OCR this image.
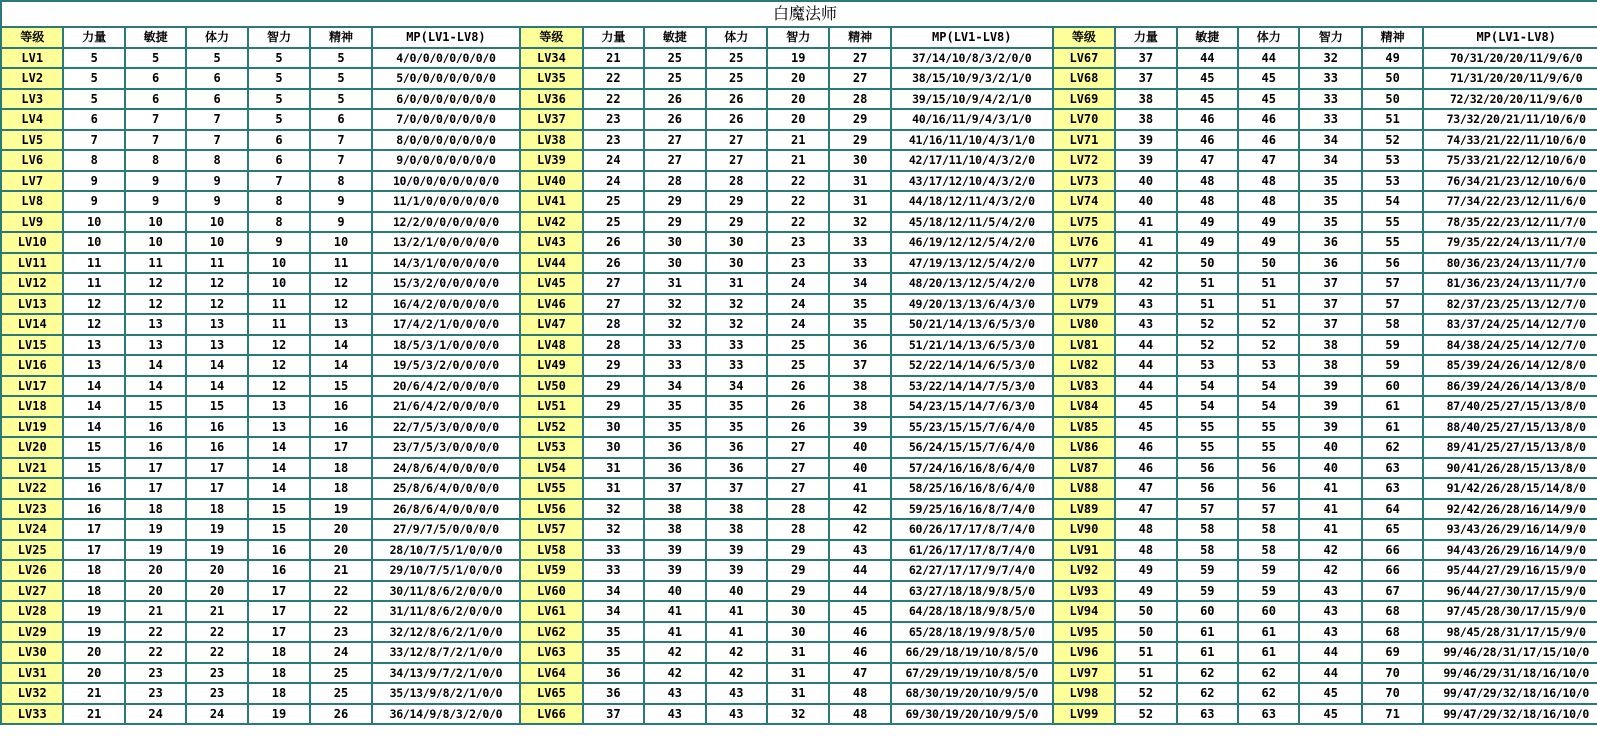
白魔法师																				
等级	力量	敏捷	体力	智力	精神	MP(LV1-LV8)	等级	力量	敏捷	体力	智力	精神	MP(LV1-LV8)	等级	力量	敏捷	体力	智力	精神	MP(LV1-LV8)
LV1	5	5	5	5	5	4/0/0/0/0/0/0/0	LV34	21	25	25	19	27	37/14/10/8/3/2/0/0	LV67	37	44	44	32	49	70/31/20/20/11/9/6/0
LV2	5	6	6	5	5	5/0/0/0/0/0/0/0	LV35	22	25	25	20	27	38/15/10/9/3/2/1/0	LV68	37	45	45	33	50	71/31/20/20/11/9/6/0
LV3	5	6	6	5	5	6/0/0/0/0/0/0/0	LV36	22	26	26	20	28	39/15/10/9/4/2/1/0	LV69	38	45	45	33	50	72/32/20/20/11/9/6/0
LV4	6	7	7	5	6	7/0/0/0/0/0/0/0	LV37	23	26	26	20	29	40/16/11/9/4/3/1/0	LV70	38	46	46	33	51	73/32/20/21/11/10/6/0
LV5	7	7	7	6	7	8/0/0/0/0/0/0/0	LV38	23	27	27	21	29	41/16/11/10/4/3/1/0	LV71	39	46	46	34	52	74/33/21/22/11/10/6/0
LV6	8	8	8	6	7	9/0/0/0/0/0/0/0	LV39	24	27	27	21	30	42/17/11/10/4/3/2/0	LV72	39	47	47	34	53	75/33/21/22/12/10/6/0
LV7	9	9	9	7	8	10/0/0/0/0/0/0/0	LV40	24	28	28	22	31	43/17/12/10/4/3/2/0	LV73	40	48	48	35	53	76/34/21/23/12/10/6/0
LV8	9	9	9	8	9	11/1/0/0/0/0/0/0	LV41	25	29	29	22	31	44/18/12/11/4/3/2/0	LV74	40	48	48	35	54	77/34/22/23/12/11/6/0
LV9	10	10	10	8	9	12/2/0/0/0/0/0/0	LV42	25	29	29	22	32	45/18/12/11/5/4/2/0	LV75	41	49	49	35	55	78/35/22/23/12/11/7/0
LV10	10	10	10	9	10	13/2/1/0/0/0/0/0	LV43	26	30	30	23	33	46/19/12/12/5/4/2/0	LV76	41	49	49	36	55	79/35/22/24/13/11/7/0
LV11	11	11	11	10	11	14/3/1/0/0/0/0/0	LV44	26	30	30	23	33	47/19/13/12/5/4/2/0	LV77	42	50	50	36	56	80/36/23/24/13/11/7/0
LV12	11	12	12	10	12	15/3/2/0/0/0/0/0	LV45	27	31	31	24	34	48/20/13/12/5/4/2/0	LV78	42	51	51	37	57	81/36/23/24/13/11/7/0
LV13	12	12	12	11	12	16/4/2/0/0/0/0/0	LV46	27	32	32	24	35	49/20/13/13/6/4/3/0	LV79	43	51	51	37	57	82/37/23/25/13/12/7/0
LV14	12	13	13	11	13	17/4/2/1/0/0/0/0	LV47	28	32	32	24	35	50/21/14/13/6/5/3/0	LV80	43	52	52	37	58	83/37/24/25/14/12/7/0
LV15	13	13	13	12	14	18/5/3/1/0/0/0/0	LV48	28	33	33	25	36	51/21/14/13/6/5/3/0	LV81	44	52	52	38	59	84/38/24/25/14/12/7/0
LV16	13	14	14	12	14	19/5/3/2/0/0/0/0	LV49	29	33	33	25	37	52/22/14/14/6/5/3/0	LV82	44	53	53	38	59	85/39/24/26/14/12/8/0
LV17	14	14	14	12	15	20/6/4/2/0/0/0/0	LV50	29	34	34	26	38	53/22/14/14/7/5/3/0	LV83	44	54	54	39	60	86/39/24/26/14/13/8/0
LV18	14	15	15	13	16	21/6/4/2/0/0/0/0	LV51	29	35	35	26	38	54/23/15/14/7/6/3/0	LV84	45	54	54	39	61	87/40/25/27/15/13/8/0
LV19	14	16	16	13	16	22/7/5/3/0/0/0/0	LV52	30	35	35	26	39	55/23/15/15/7/6/4/0	LV85	45	55	55	39	61	88/40/25/27/15/13/8/0
LV20	15	16	16	14	17	23/7/5/3/0/0/0/0	LV53	30	36	36	27	40	56/24/15/15/7/6/4/0	LV86	46	55	55	40	62	89/41/25/27/15/13/8/0
LV21	15	17	17	14	18	24/8/6/4/0/0/0/0	LV54	31	36	36	27	40	57/24/16/16/8/6/4/0	LV87	46	56	56	40	63	90/41/26/28/15/13/8/0
LV22	16	17	17	14	18	25/8/6/4/0/0/0/0	LV55	31	37	37	27	41	58/25/16/16/8/6/4/0	LV88	47	56	56	41	63	91/42/26/28/15/14/8/0
LV23	16	18	18	15	19	26/8/6/4/0/0/0/0	LV56	32	38	38	28	42	59/25/16/16/8/7/4/0	LV89	47	57	57	41	64	92/42/26/28/16/14/9/0
LV24	17	19	19	15	20	27/9/7/5/0/0/0/0	LV57	32	38	38	28	42	60/26/17/17/8/7/4/0	LV90	48	58	58	41	65	93/43/26/29/16/14/9/0
LV25	17	19	19	16	20	28/10/7/5/1/0/0/0	LV58	33	39	39	29	43	61/26/17/17/8/7/4/0	LV91	48	58	58	42	66	94/43/26/29/16/14/9/0
LV26	18	20	20	16	21	29/10/7/5/1/0/0/0	LV59	33	39	39	29	44	62/27/17/17/9/7/4/0	LV92	49	59	59	42	66	95/44/27/29/16/15/9/0
LV27	18	20	20	17	22	30/11/8/6/2/0/0/0	LV60	34	40	40	29	44	63/27/18/18/9/8/5/0	LV93	49	59	59	43	67	96/44/27/30/17/15/9/0
LV28	19	21	21	17	22	31/11/8/6/2/0/0/0	LV61	34	41	41	30	45	64/28/18/18/9/8/5/0	LV94	50	60	60	43	68	97/45/28/30/17/15/9/0
LV29	19	22	22	17	23	32/12/8/6/2/1/0/0	LV62	35	41	41	30	46	65/28/18/19/9/8/5/0	LV95	50	61	61	43	68	98/45/28/31/17/15/9/0
LV30	20	22	22	18	24	33/12/8/7/2/1/0/0	LV63	35	42	42	31	46	66/29/18/19/10/8/5/0	LV96	51	61	61	44	69	99/46/28/31/17/15/10/0
LV31	20	23	23	18	25	34/13/9/7/2/1/0/0	LV64	36	42	42	31	47	67/29/19/19/10/8/5/0	LV97	51	62	62	44	70	99/46/29/31/18/16/10/0
LV32	21	23	23	18	25	35/13/9/8/2/1/0/0	LV65	36	43	43	31	48	68/30/19/20/10/9/5/0	LV98	52	62	62	45	70	99/47/29/32/18/16/10/0
LV33	21	24	24	19	26	36/14/9/8/3/2/0/0	LV66	37	43	43	32	48	69/30/19/20/10/9/5/0	LV99	52	63	63	45	71	99/47/29/32/18/16/10/0
